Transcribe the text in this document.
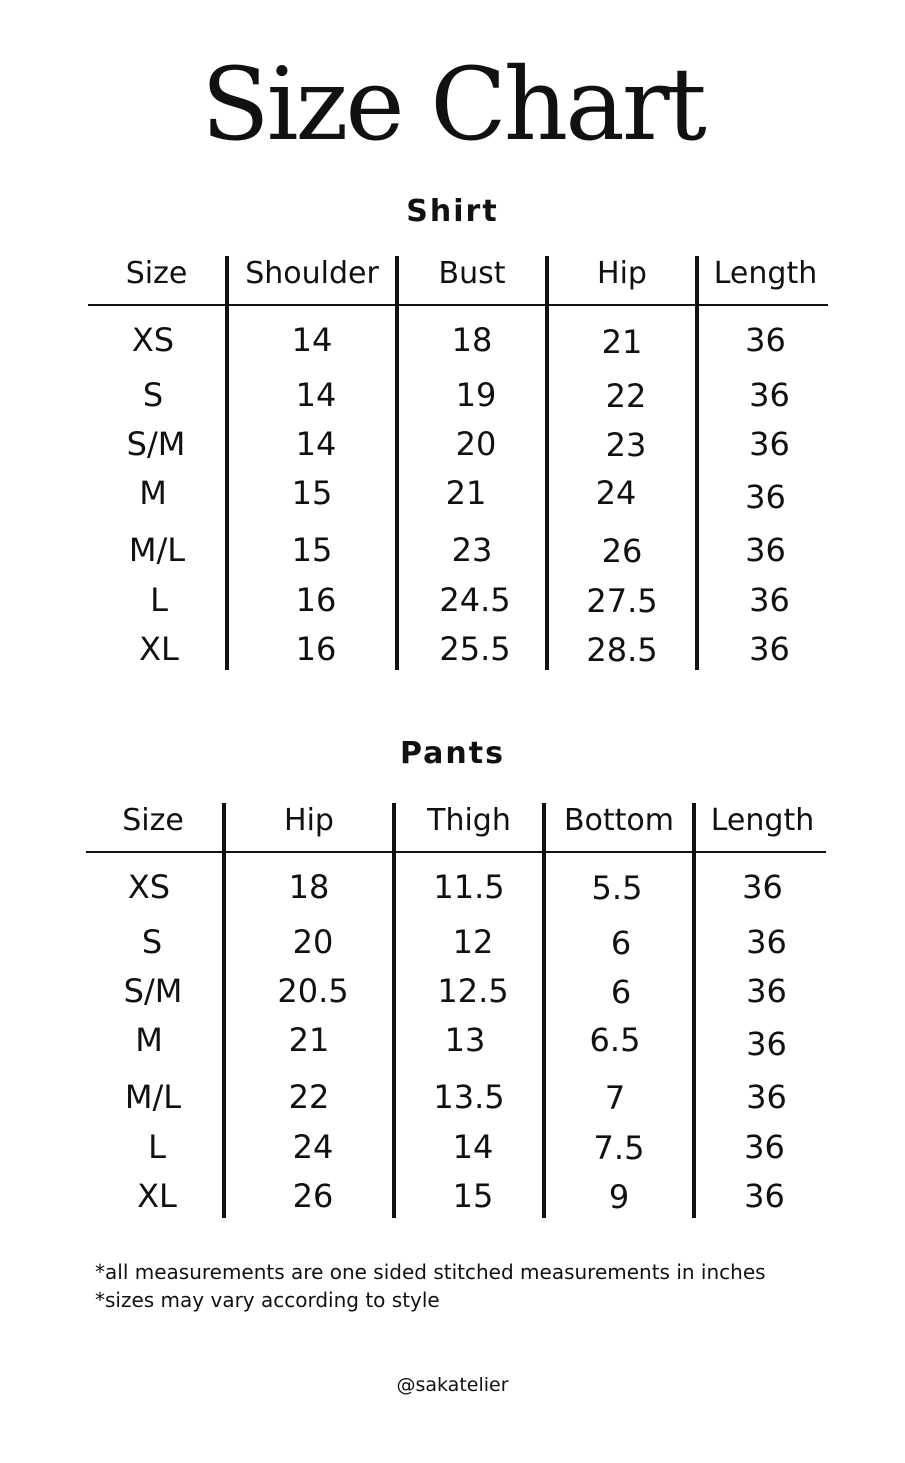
Size Chart
Shirt
Size	Shoulder	Bust	Hip	Length
XS	14	18	21	36
S	14	19	22	36
S/M	14	20	23	36
M	15	21	24	36
M/L	15	23	26	36
L	16	24.5	27.5	36
XL	16	25.5	28.5	36
Pants
Size	Hip	Thigh	Bottom	Length
XS	18	11.5	5.5	36
S	20	12	6	36
S/M	20.5	12.5	6	36
M	21	13	6.5	36
M/L	22	13.5	7	36
L	24	14	7.5	36
XL	26	15	9	36
*all measurements are one sided stitched measurements in inches
*sizes may vary according to style
@sakatelier
